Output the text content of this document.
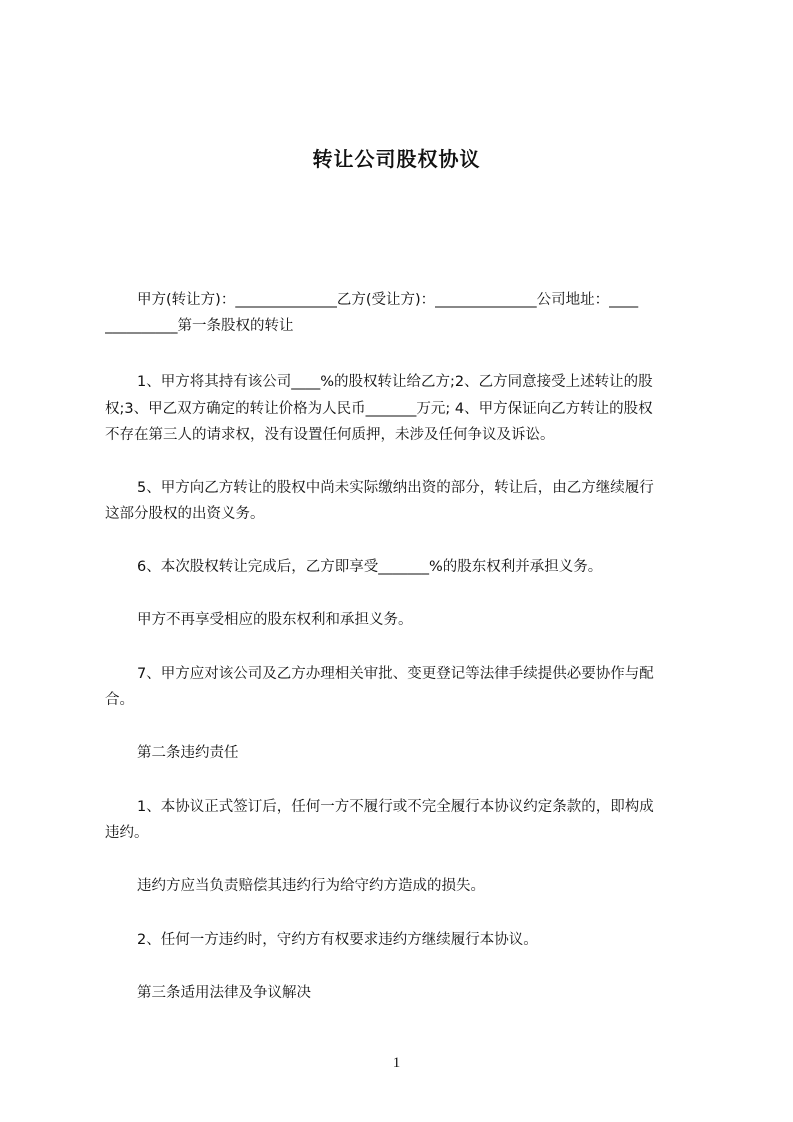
转让公司股权协议
甲方(转让方)：______________乙方(受让方)：______________公司地址：____
__________第一条股权的转让
1、甲方将其持有该公司____%的股权转让给乙方;2、乙方同意接受上述转让的股
权;3、甲乙双方确定的转让价格为人民币_______万元; 4、甲方保证向乙方转让的股权
不存在第三人的请求权，没有设置任何质押，未涉及任何争议及诉讼。
5、甲方向乙方转让的股权中尚未实际缴纳出资的部分，转让后，由乙方继续履行
这部分股权的出资义务。
6、本次股权转让完成后，乙方即享受_______%的股东权利并承担义务。
甲方不再享受相应的股东权利和承担义务。
7、甲方应对该公司及乙方办理相关审批、变更登记等法律手续提供必要协作与配
合。
第二条违约责任
1、本协议正式签订后，任何一方不履行或不完全履行本协议约定条款的，即构成
违约。
违约方应当负责赔偿其违约行为给守约方造成的损失。
2、任何一方违约时，守约方有权要求违约方继续履行本协议。
第三条适用法律及争议解决
1
